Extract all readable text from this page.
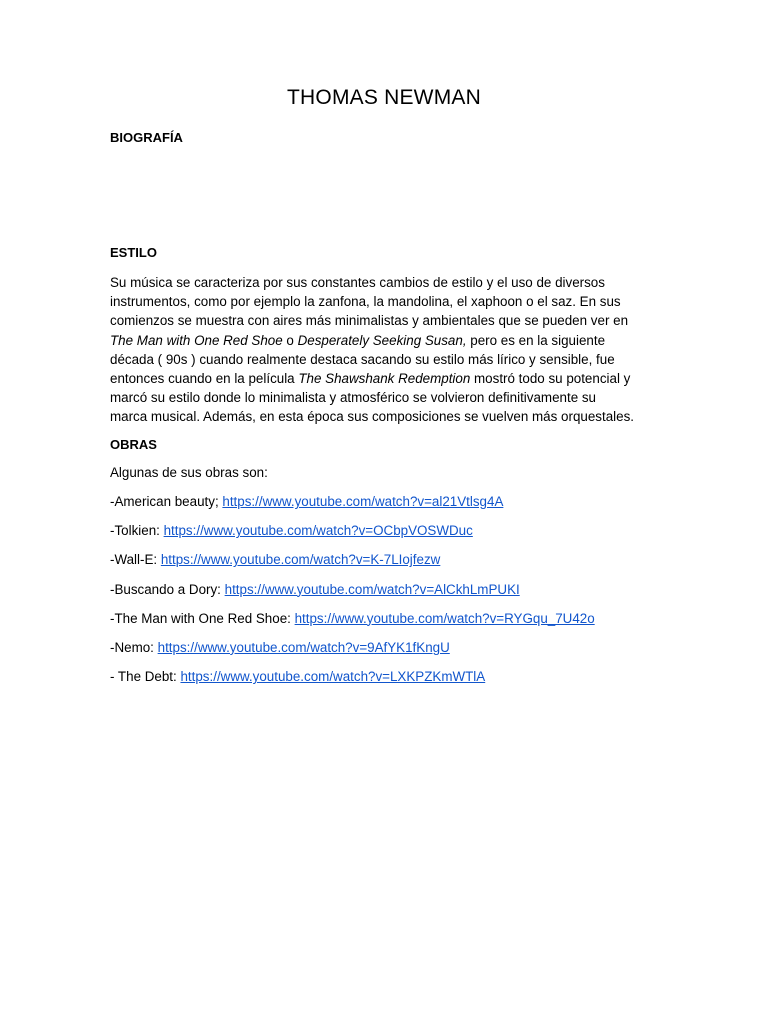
THOMAS NEWMAN
BIOGRAFÍA
ESTILO
Su música se caracteriza por sus constantes cambios de estilo y el uso de diversos
instrumentos, como por ejemplo la zanfona, la mandolina, el xaphoon o el saz. En sus
comienzos se muestra con aires más minimalistas y ambientales que se pueden ver en
The Man with One Red Shoe o Desperately Seeking Susan, pero es en la siguiente
década ( 90s ) cuando realmente destaca sacando su estilo más lírico y sensible, fue
entonces cuando en la película The Shawshank Redemption mostró todo su potencial y
marcó su estilo donde lo minimalista y atmosférico se volvieron definitivamente su
marca musical. Además, en esta época sus composiciones se vuelven más orquestales.
OBRAS
Algunas de sus obras son:
-American beauty; https://www.youtube.com/watch?v=al21Vtlsg4A
-Tolkien: https://www.youtube.com/watch?v=OCbpVOSWDuc
-Wall-E: https://www.youtube.com/watch?v=K-7LIojfezw
-Buscando a Dory: https://www.youtube.com/watch?v=AlCkhLmPUKI
-The Man with One Red Shoe: https://www.youtube.com/watch?v=RYGqu_7U42o
-Nemo: https://www.youtube.com/watch?v=9AfYK1fKngU
- The Debt: https://www.youtube.com/watch?v=LXKPZKmWTlA
